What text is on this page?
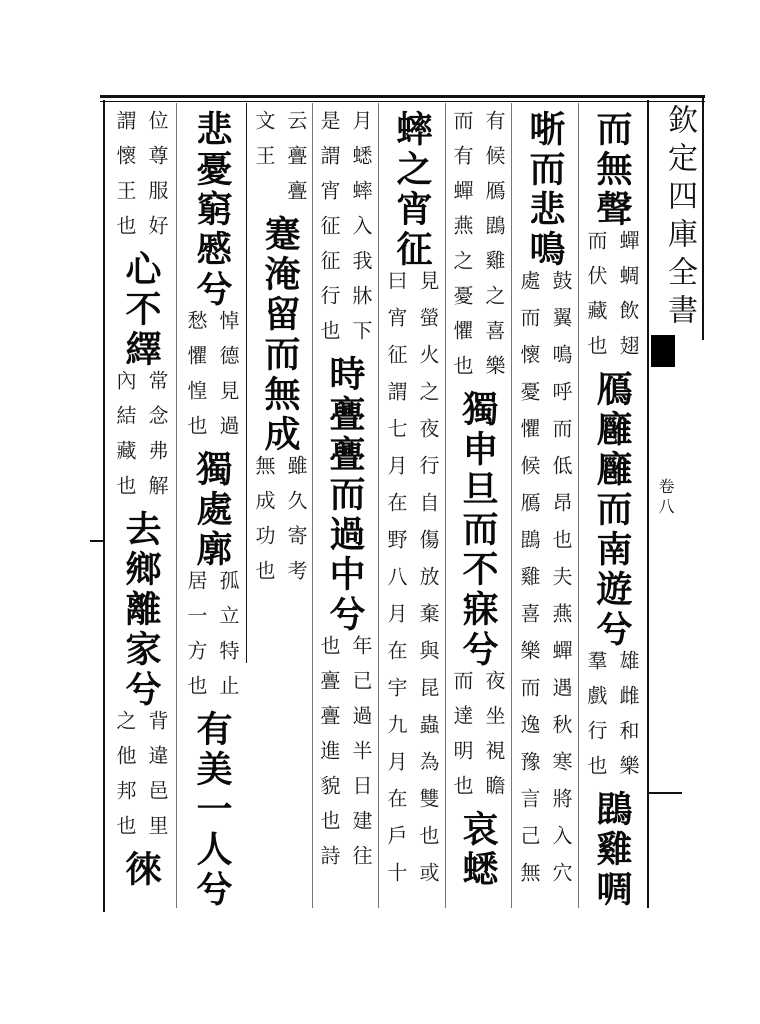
欽定四庫全書
卷八
而無聲
蟬蜩飲翅
而伏藏也
鴈廱廱而南遊兮
雄雌和樂
羣戲行也
鵾雞啁
哳而悲鳴
鼓翼鳴呼而低昂也夫燕蟬遇秋寒將入穴
處而懷憂懼候鴈鵾雞喜樂而逸豫言己無
有候鴈鵾雞之喜樂
而有蟬燕之憂懼也
獨申旦而不寐兮
夜坐視瞻
而達明也
哀蟋
蟀之宵征
見螢火之夜行自傷放棄與昆蟲為雙也或
曰宵征謂七月在野八月在宇九月在戶十
月蟋蟀入我牀下
是謂宵征征行也
時亹亹而過中兮
年已過半日建往
也亹亹進貌也詩
云亹亹
文王
蹇淹留而無成
雖久寄考
無成功也
悲憂窮慼兮
悼德見過
愁懼惶也
獨處廓
孤立特止
居一方也
有美一人兮
位尊服好
謂懷王也
心不繹
常念弗解
內結藏也
去鄉離家兮
背違邑里
之他邦也
徠
